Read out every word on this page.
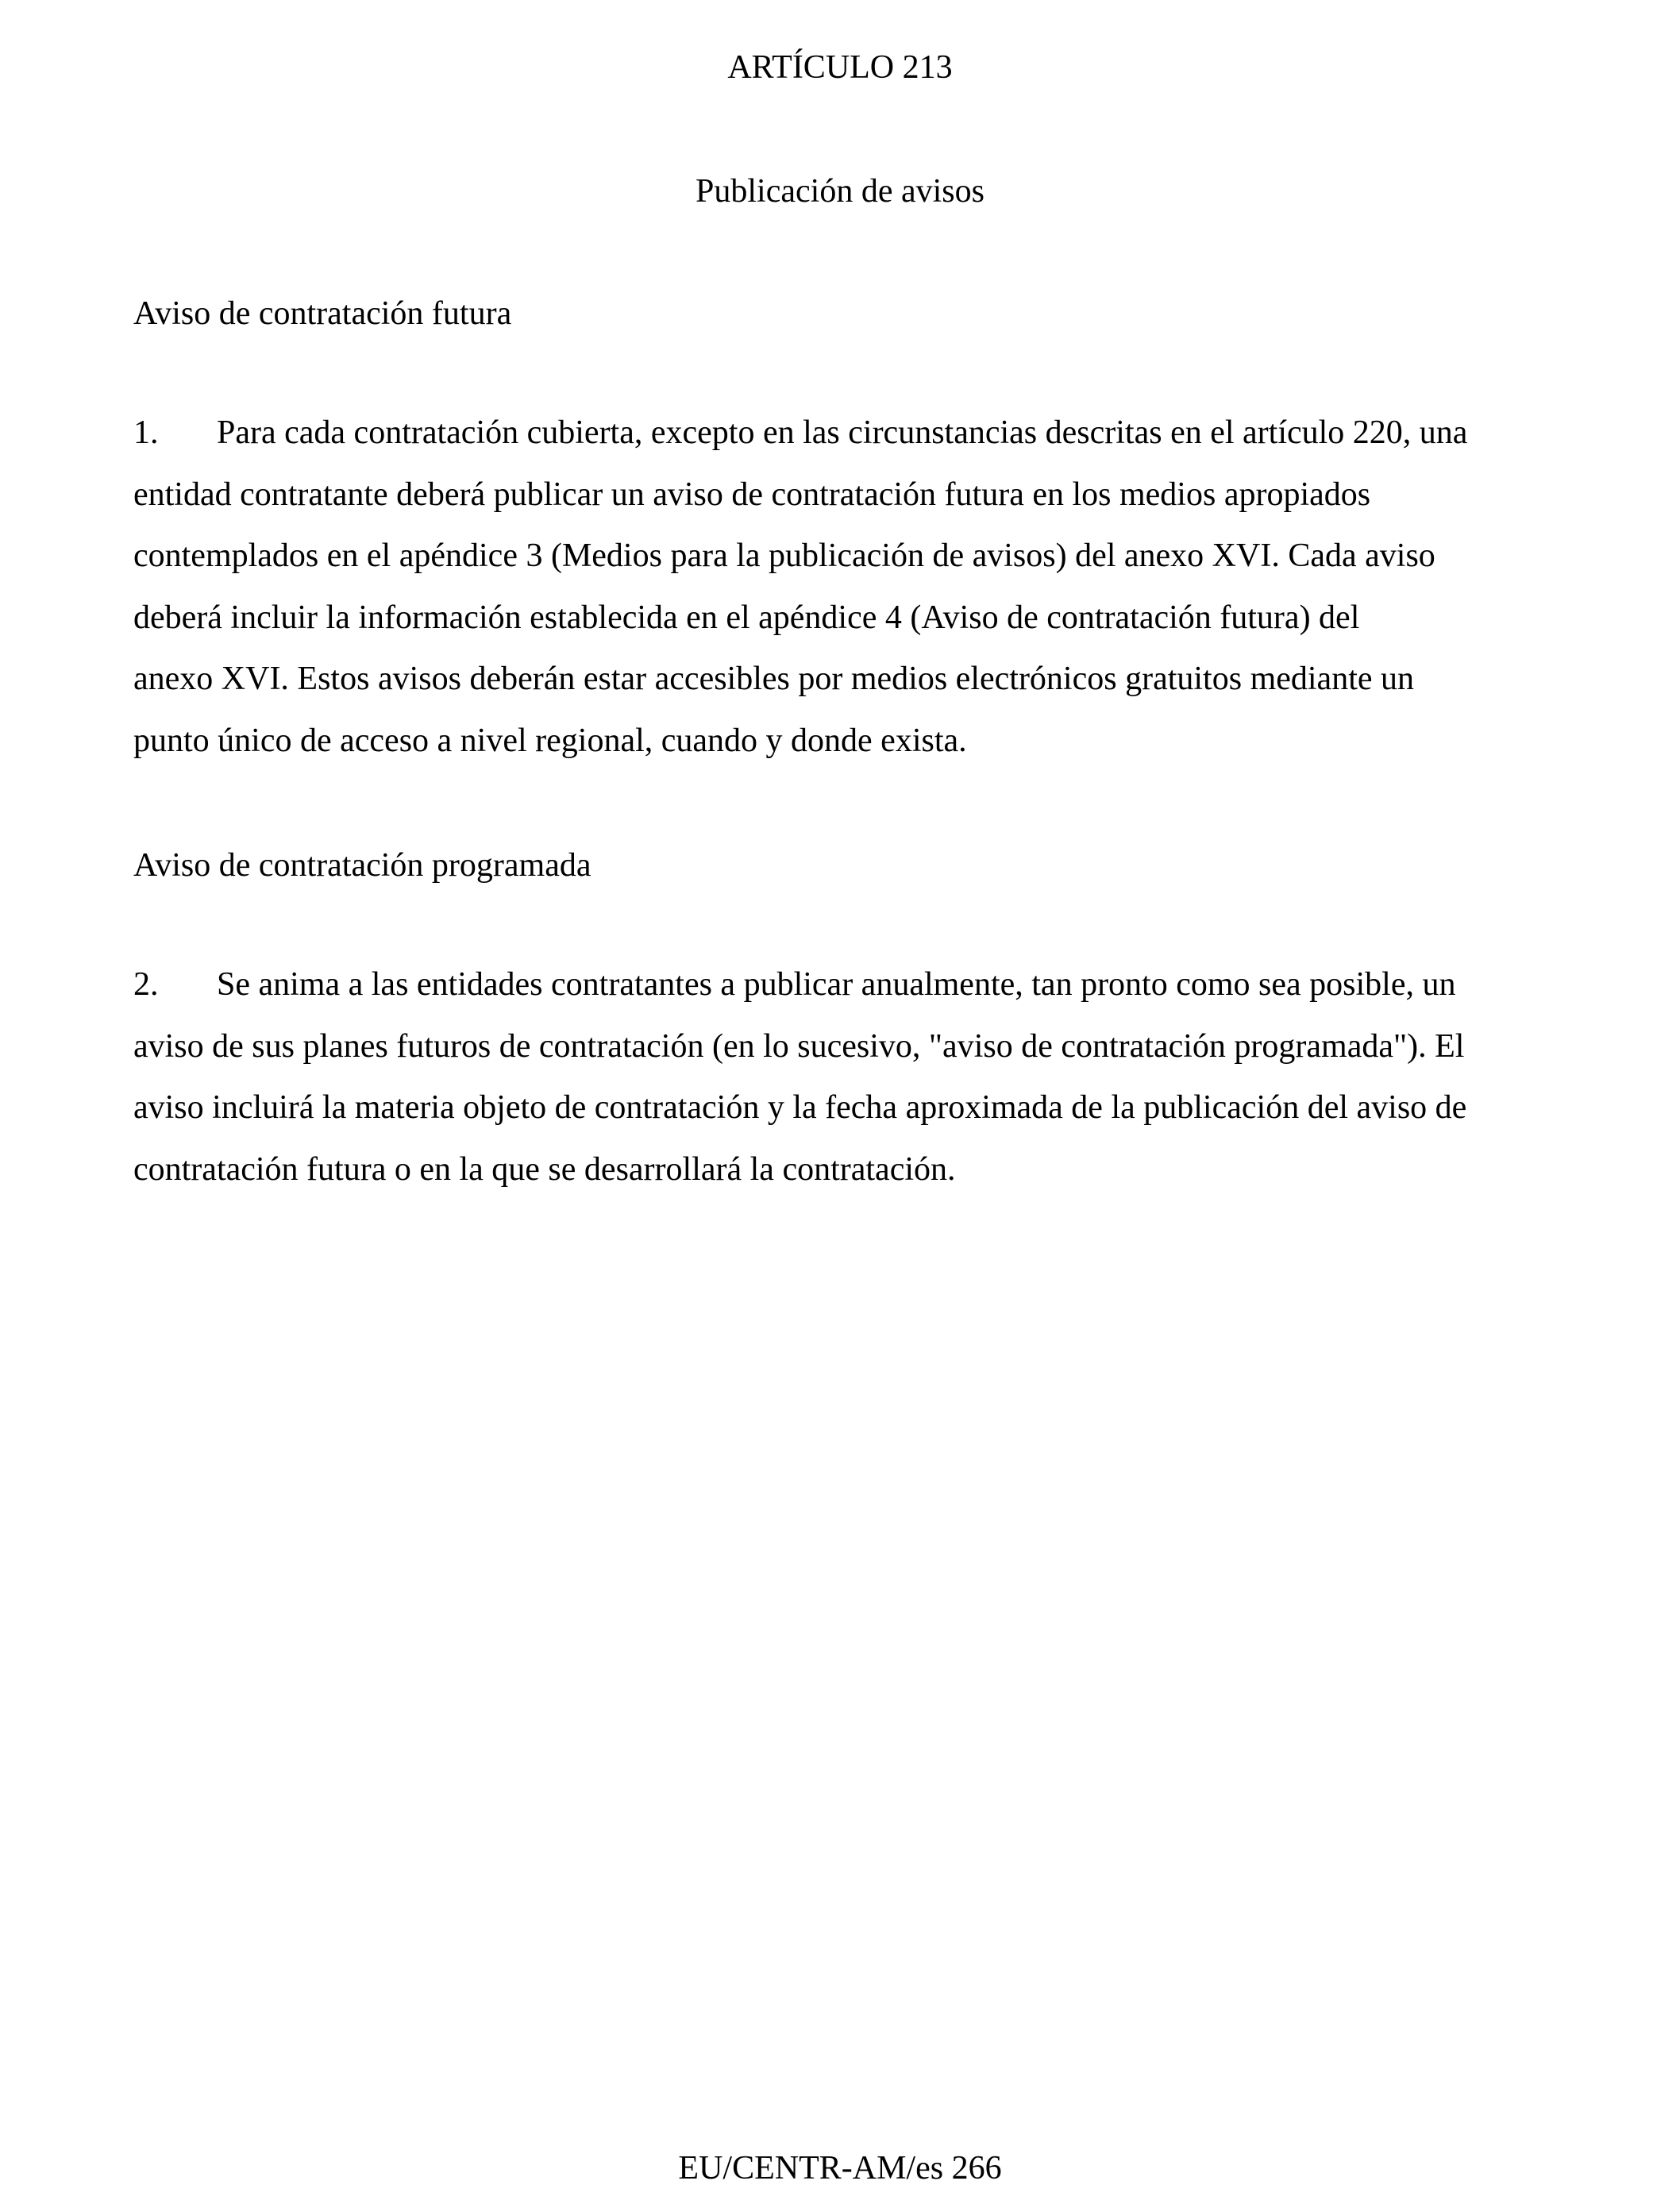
ARTÍCULO 213
Publicación de avisos
Aviso de contratación futura
1. Para cada contratación cubierta, excepto en las circunstancias descritas en el artículo 220, una
entidad contratante deberá publicar un aviso de contratación futura en los medios apropiados
contemplados en el apéndice 3 (Medios para la publicación de avisos) del anexo XVI. Cada aviso
deberá incluir la información establecida en el apéndice 4 (Aviso de contratación futura) del
anexo XVI. Estos avisos deberán estar accesibles por medios electrónicos gratuitos mediante un
punto único de acceso a nivel regional, cuando y donde exista.
Aviso de contratación programada
2. Se anima a las entidades contratantes a publicar anualmente, tan pronto como sea posible, un
aviso de sus planes futuros de contratación (en lo sucesivo, "aviso de contratación programada"). El
aviso incluirá la materia objeto de contratación y la fecha aproximada de la publicación del aviso de
contratación futura o en la que se desarrollará la contratación.
EU/CENTR-AM/es 266
